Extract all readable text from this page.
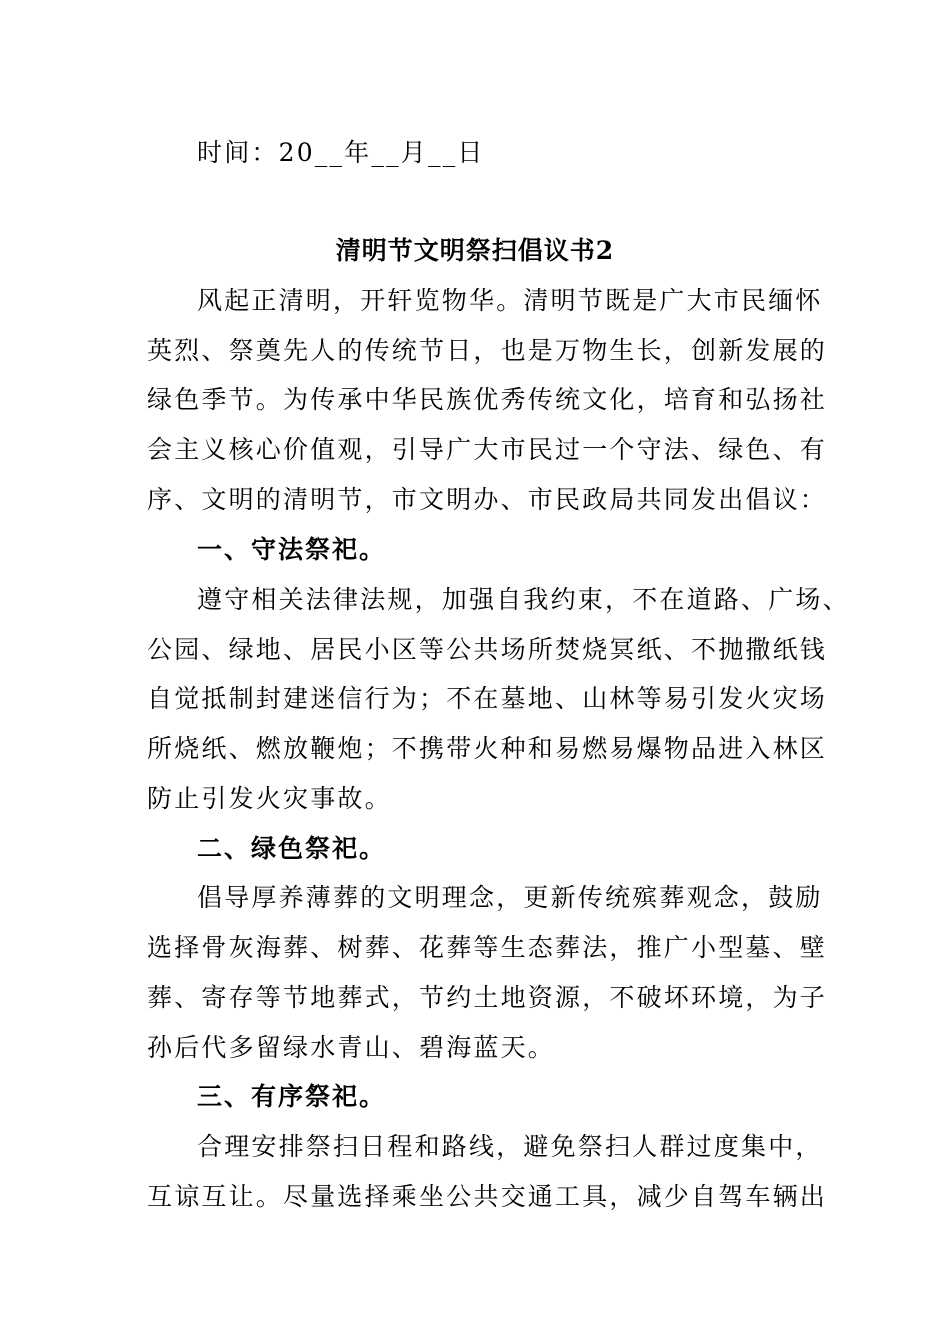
时间：20__年__月__日
清明节文明祭扫倡议书2
风起正清明，开轩览物华。清明节既是广大市民缅怀
英烈、祭奠先人的传统节日，也是万物生长，创新发展的
绿色季节。为传承中华民族优秀传统文化，培育和弘扬社
会主义核心价值观，引导广大市民过一个守法、绿色、有
序、文明的清明节，市文明办、市民政局共同发出倡议：
一、守法祭祀。
遵守相关法律法规，加强自我约束，不在道路、广场、
公园、绿地、居民小区等公共场所焚烧冥纸、不抛撒纸钱
自觉抵制封建迷信行为；不在墓地、山林等易引发火灾场
所烧纸、燃放鞭炮；不携带火种和易燃易爆物品进入林区
防止引发火灾事故。
二、绿色祭祀。
倡导厚养薄葬的文明理念，更新传统殡葬观念，鼓励
选择骨灰海葬、树葬、花葬等生态葬法，推广小型墓、壁
葬、寄存等节地葬式，节约土地资源，不破坏环境，为子
孙后代多留绿水青山、碧海蓝天。
三、有序祭祀。
合理安排祭扫日程和路线，避免祭扫人群过度集中，
互谅互让。尽量选择乘坐公共交通工具，减少自驾车辆出
